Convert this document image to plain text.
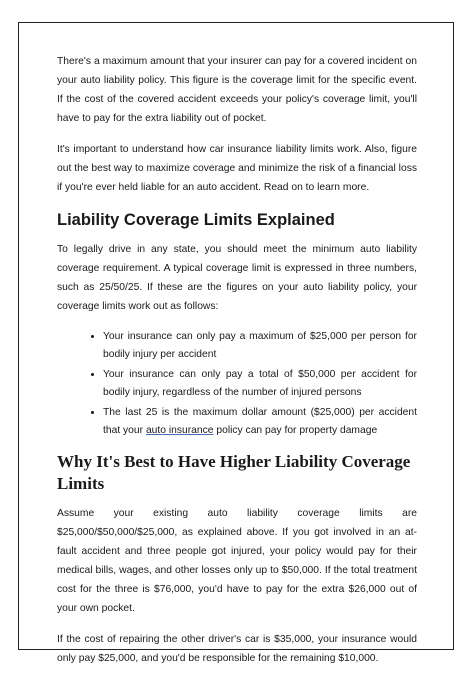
There's a maximum amount that your insurer can pay for a covered incident on your auto liability policy. This figure is the coverage limit for the specific event. If the cost of the covered accident exceeds your policy's coverage limit, you'll have to pay for the extra liability out of pocket.

It's important to understand how car insurance liability limits work. Also, figure out the best way to maximize coverage and minimize the risk of a financial loss if you're ever held liable for an auto accident. Read on to learn more.

Liability Coverage Limits Explained

To legally drive in any state, you should meet the minimum auto liability coverage requirement. A typical coverage limit is expressed in three numbers, such as 25/50/25. If these are the figures on your auto liability policy, your coverage limits work out as follows:

• Your insurance can only pay a maximum of $25,000 per person for bodily injury per accident
• Your insurance can only pay a total of $50,000 per accident for bodily injury, regardless of the number of injured persons
• The last 25 is the maximum dollar amount ($25,000) per accident that your auto insurance policy can pay for property damage
Why It's Best to Have Higher Liability Coverage Limits

Assume your existing auto liability coverage limits are $25,000/$50,000/$25,000, as explained above. If you got involved in an at-fault accident and three people got injured, your policy would pay for their medical bills, wages, and other losses only up to $50,000. If the total treatment cost for the three is $76,000, you'd have to pay for the extra $26,000 out of your own pocket.

If the cost of repairing the other driver's car is $35,000, your insurance would only pay $25,000, and you'd be responsible for the remaining $10,000.
